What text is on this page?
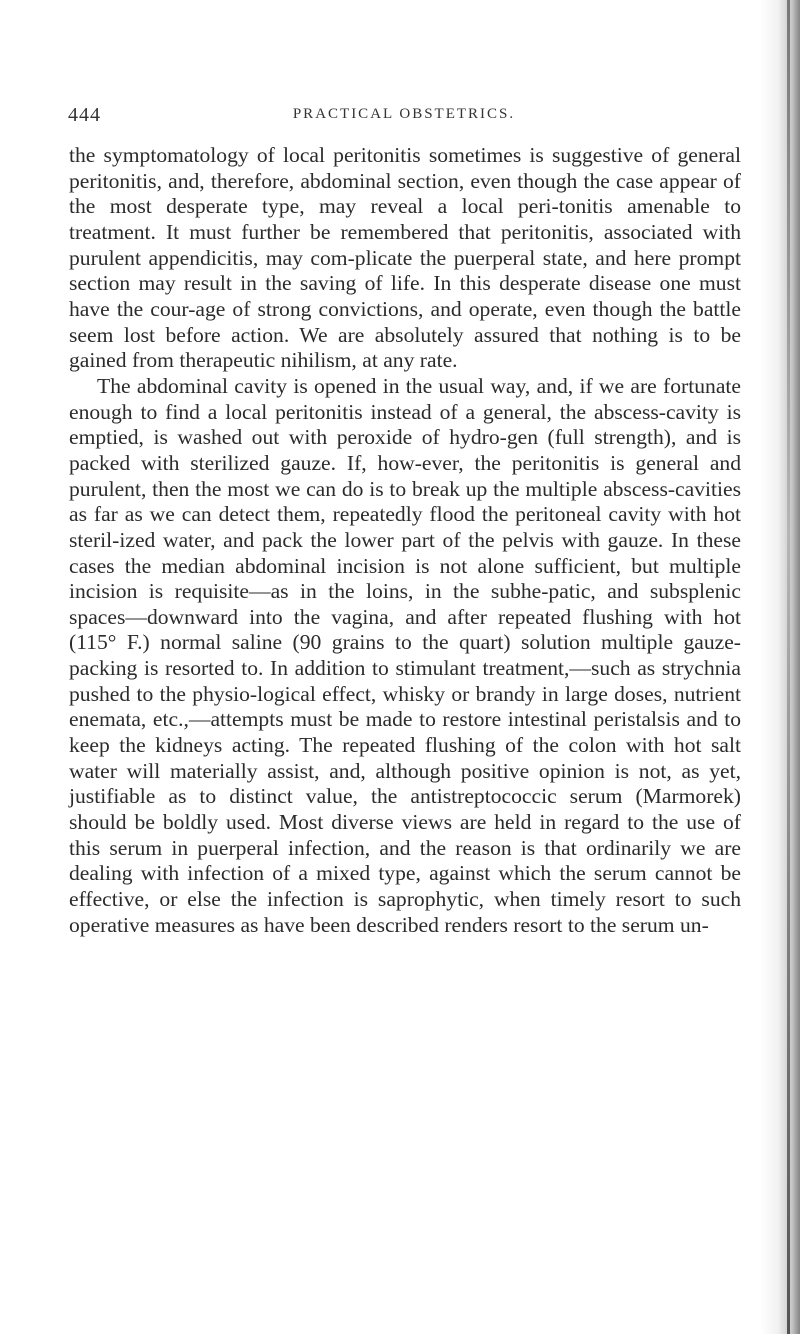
444	PRACTICAL OBSTETRICS.

the symptomatology of local peritonitis sometimes is suggestive of general peritonitis, and, therefore, abdominal section, even though the case appear of the most desperate type, may reveal a local peri-tonitis amenable to treatment. It must further be remembered that peritonitis, associated with purulent appendicitis, may com-plicate the puerperal state, and here prompt section may result in the saving of life. In this desperate disease one must have the cour-age of strong convictions, and operate, even though the battle seem lost before action. We are absolutely assured that nothing is to be gained from therapeutic nihilism, at any rate.

The abdominal cavity is opened in the usual way, and, if we are fortunate enough to find a local peritonitis instead of a general, the abscess-cavity is emptied, is washed out with peroxide of hydro-gen (full strength), and is packed with sterilized gauze. If, how-ever, the peritonitis is general and purulent, then the most we can do is to break up the multiple abscess-cavities as far as we can detect them, repeatedly flood the peritoneal cavity with hot steril-ized water, and pack the lower part of the pelvis with gauze. In these cases the median abdominal incision is not alone sufficient, but multiple incision is requisite—as in the loins, in the subhe-patic, and subsplenic spaces—downward into the vagina, and after repeated flushing with hot (115° F.) normal saline (90 grains to the quart) solution multiple gauze-packing is resorted to. In addition to stimulant treatment,—such as strychnia pushed to the physio-logical effect, whisky or brandy in large doses, nutrient enemata, etc.,—attempts must be made to restore intestinal peristalsis and to keep the kidneys acting. The repeated flushing of the colon with hot salt water will materially assist, and, although positive opinion is not, as yet, justifiable as to distinct value, the antistreptococcic serum (Marmorek) should be boldly used. Most diverse views are held in regard to the use of this serum in puerperal infection, and the reason is that ordinarily we are dealing with infection of a mixed type, against which the serum cannot be effective, or else the infection is saprophytic, when timely resort to such operative measures as have been described renders resort to the serum un-
